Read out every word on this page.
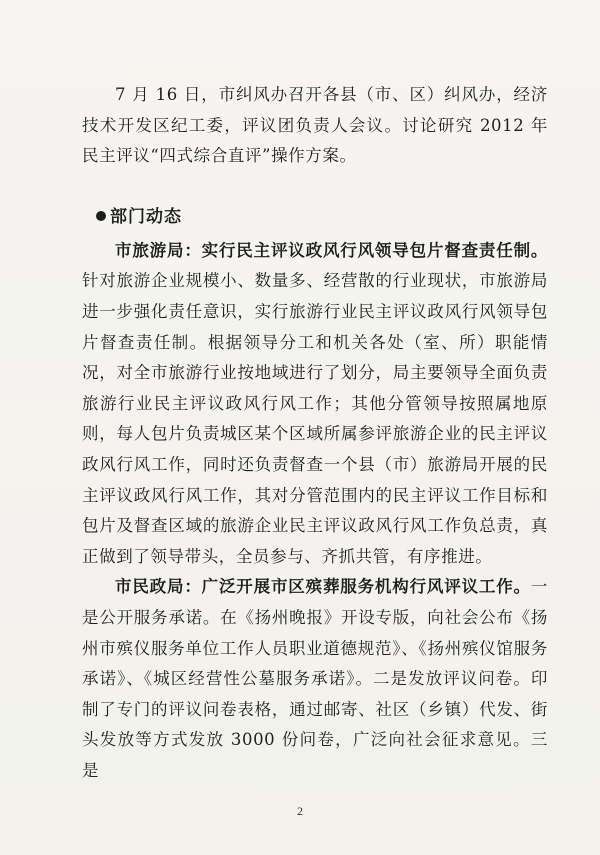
7 月 16 日，市纠风办召开各县（市、区）纠风办，经济技术开发区纪工委，评议团负责人会议。讨论研究 2012 年民主评议“四式综合直评”操作方案。

部门动态

市旅游局：实行民主评议政风行风领导包片督查责任制。针对旅游企业规模小、数量多、经营散的行业现状，市旅游局进一步强化责任意识，实行旅游行业民主评议政风行风领导包片督查责任制。根据领导分工和机关各处（室、所）职能情况，对全市旅游行业按地域进行了划分，局主要领导全面负责旅游行业民主评议政风行风工作；其他分管领导按照属地原则，每人包片负责城区某个区域所属参评旅游企业的民主评议政风行风工作，同时还负责督查一个县（市）旅游局开展的民主评议政风行风工作，其对分管范围内的民主评议工作目标和包片及督查区域的旅游企业民主评议政风行风工作负总责，真正做到了领导带头，全员参与、齐抓共管，有序推进。

市民政局：广泛开展市区殡葬服务机构行风评议工作。一是公开服务承诺。在《扬州晚报》开设专版，向社会公布《扬州市殡仪服务单位工作人员职业道德规范》、《扬州殡仪馆服务承诺》、《城区经营性公墓服务承诺》。二是发放评议问卷。印制了专门的评议问卷表格，通过邮寄、社区（乡镇）代发、街头发放等方式发放 3000 份问卷，广泛向社会征求意见。三是

2
